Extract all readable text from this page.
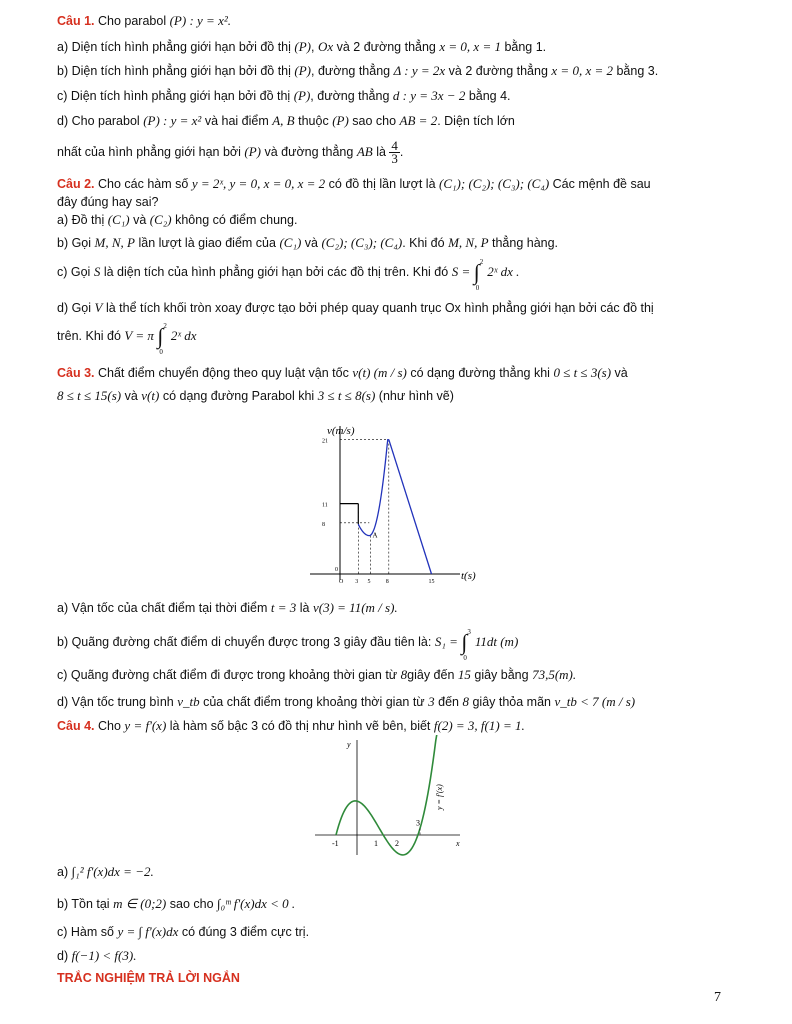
Câu 1. Cho parabol (P) : y = x².
a) Diện tích hình phẳng giới hạn bởi đồ thị (P), Ox và 2 đường thẳng x = 0, x = 1 bằng 1.
b) Diện tích hình phẳng giới hạn bởi đồ thị (P), đường thẳng Δ : y = 2x và 2 đường thẳng x = 0, x = 2 bằng 3.
c) Diện tích hình phẳng giới hạn bởi đồ thị (P), đường thẳng d : y = 3x − 2 bằng 4.
d) Cho parabol (P) : y = x² và hai điểm A, B thuộc (P) sao cho AB = 2. Diện tích lớn
nhất của hình phẳng giới hạn bởi (P) và đường thẳng AB là $\frac{4}{3}$ .
Câu 2. Cho các hàm số y = 2ˣ, y = 0, x = 0, x = 2 có đồ thị lần lượt là (C₁); (C₂); (C₃); (C₄) Các mệnh đề sau
đây đúng hay sai?
a) Đồ thị (C₁) và (C₂) không có điểm chung.
b) Gọi M, N, P lần lượt là giao điểm của (C₁) và (C₂); (C₃); (C₄). Khi đó M, N, P thẳng hàng.
c) Gọi S là diện tích của hình phẳng giới hạn bởi các đồ thị trên. Khi đó S = ∫ 2
0
2ˣ dx .
d) Gọi V là thể tích khối tròn xoay được tạo bởi phép quay quanh trục Ox hình phẳng giới hạn bởi các đồ thị
trên. Khi đó V = π ∫ 2
0
2ˣ dx
Câu 3. Chất điểm chuyển động theo quy luật vận tốc v(t) (m / s) có dạng đường thẳng khi 0 ≤ t ≤ 3(s) và
8 ≤ t ≤ 15(s) và v(t) có dạng đường Parabol khi 3 ≤ t ≤ 8(s) (như hình vẽ)
v(m/s)
t(s)
21
11
8
O 3 5	8	15
0
A
a) Vận tốc của chất điểm tại thời điểm t = 3 là v(3) = 11(m / s).
b) Quãng đường chất điểm di chuyển được trong 3 giây đầu tiên là: S₁ = ∫ 3
0
11dt (m)
c) Quãng đường chất điểm đi được trong khoảng thời gian từ 8giây đến 15 giây bằng 73,5(m).
d) Vận tốc trung bình v_tb của chất điểm trong khoảng thời gian từ 3 đến 8 giây thỏa mãn v_tb < 7 (m / s)
Câu 4. Cho y = f'(x) là hàm số bậc 3 có đồ thị như hình vẽ bên, biết f(2) = 3, f(1) = 1.
y
x
-1	1 2
3
y = f'(x)
a) ∫₁² f'(x)dx = −2.
b) Tồn tại m ∈ (0;2) sao cho ∫₀ᵐ f'(x)dx < 0 .
c) Hàm số y = ∫ f'(x)dx có đúng 3 điểm cực trị.
d) f(−1) < f(3).
TRẮC NGHIỆM TRẢ LỜI NGẮN
7
